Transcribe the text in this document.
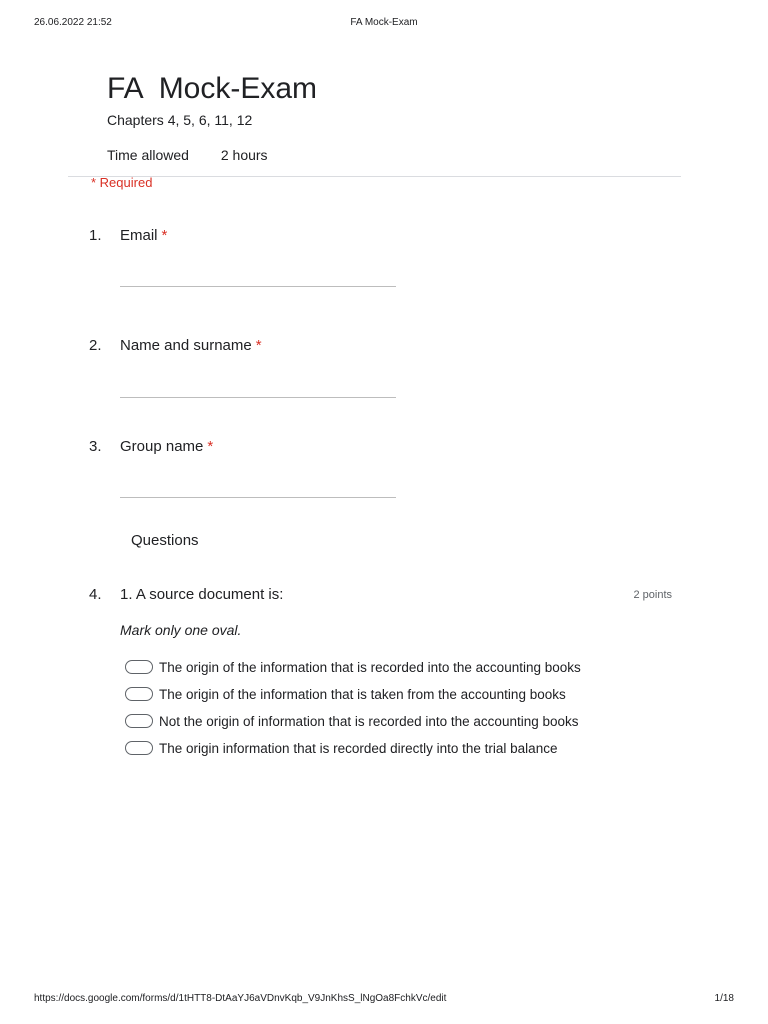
26.06.2022 21:52	FA Mock-Exam
FA  Mock-Exam
Chapters 4, 5, 6, 11, 12
Time allowed 2 hours
* Required
1. Email *
2. Name and surname *
3. Group name *
Questions
4. 1. A source document is:	2 points
Mark only one oval.
The origin of the information that is recorded into the accounting books
The origin of the information that is taken from the accounting books
Not the origin of information that is recorded into the accounting books
The origin information that is recorded directly into the trial balance
https://docs.google.com/forms/d/1tHTT8-DtAaYJ6aVDnvKqb_V9JnKhsS_lNgOa8FchkVc/edit	1/18
